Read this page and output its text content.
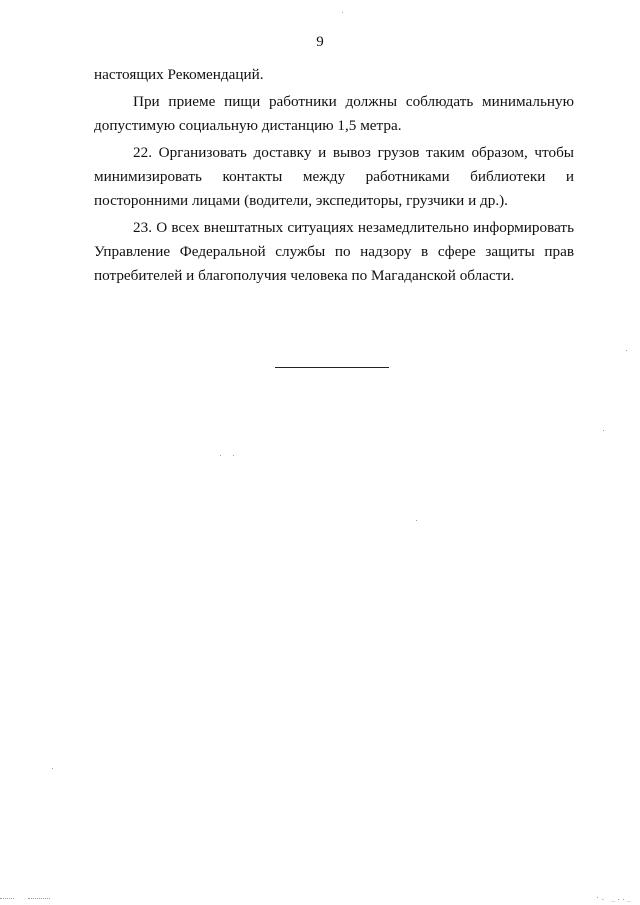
9

настоящих Рекомендаций.

При приеме пищи работники должны соблюдать минимальную допустимую социальную дистанцию 1,5 метра.

22. Организовать доставку и вывоз грузов таким образом, чтобы минимизировать контакты между работниками библиотеки и посторонними лицами (водители, экспедиторы, грузчики и др.).

23. О всех внештатных ситуациях незамедлительно информировать Управление Федеральной службы по надзору в сфере защиты прав потребителей и благополучия человека по Магаданской области.

·. _.._
